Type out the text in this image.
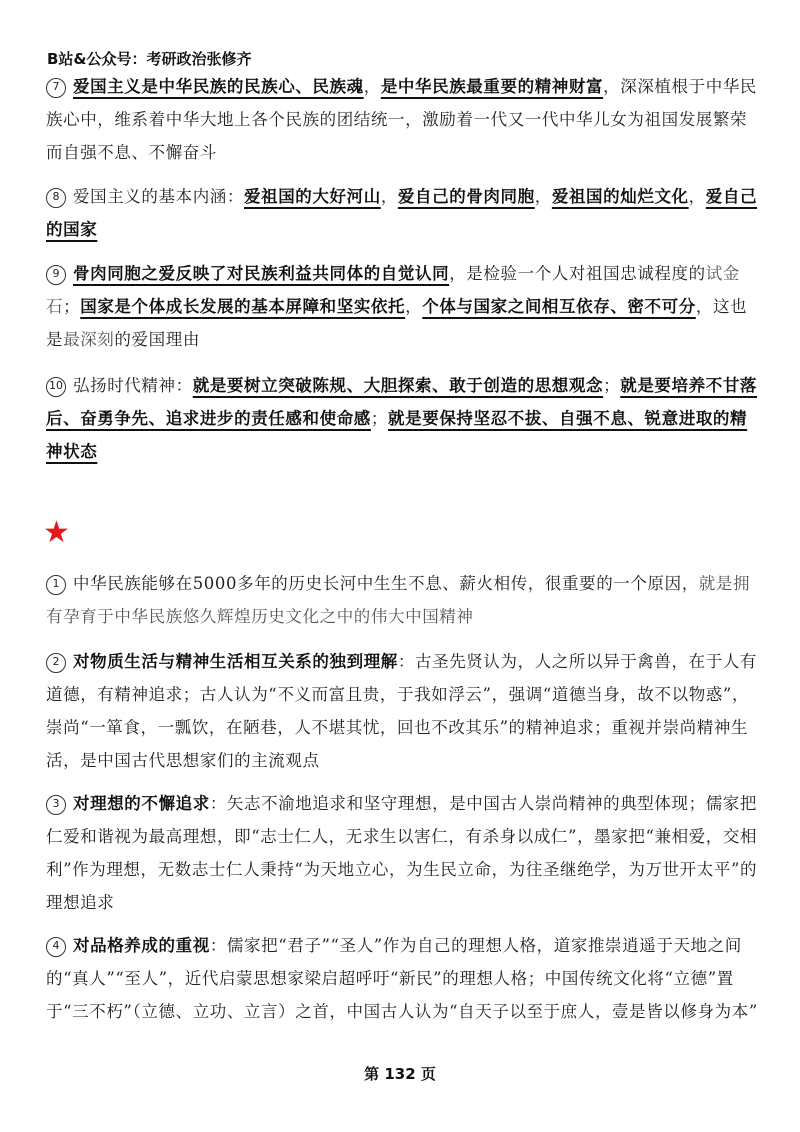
B站&公众号：考研政治张修齐
7 爱国主义是中华民族的民族心、民族魂，是中华民族最重要的精神财富，深深植根于中华民族心中，维系着中华大地上各个民族的团结统一，激励着一代又一代中华儿女为祖国发展繁荣而自强不息、不懈奋斗
8 爱国主义的基本内涵：爱祖国的大好河山，爱自己的骨肉同胞，爱祖国的灿烂文化，爱自己的国家
9 骨肉同胞之爱反映了对民族利益共同体的自觉认同，是检验一个人对祖国忠诚程度的试金石；国家是个体成长发展的基本屏障和坚实依托，个体与国家之间相互依存、密不可分，这也是最深刻的爱国理由
10 弘扬时代精神：就是要树立突破陈规、大胆探索、敢于创造的思想观念；就是要培养不甘落后、奋勇争先、追求进步的责任感和使命感；就是要保持坚忍不拔、自强不息、锐意进取的精神状态
★
1 中华民族能够在5000多年的历史长河中生生不息、薪火相传，很重要的一个原因，就是拥有孕育于中华民族悠久辉煌历史文化之中的伟大中国精神
2 对物质生活与精神生活相互关系的独到理解：古圣先贤认为，人之所以异于禽兽，在于人有道德，有精神追求；古人认为“不义而富且贵，于我如浮云”，强调“道德当身，故不以物惑”，崇尚“一箪食，一瓢饮，在陋巷，人不堪其忧，回也不改其乐”的精神追求；重视并崇尚精神生活，是中国古代思想家们的主流观点
3 对理想的不懈追求：矢志不渝地追求和坚守理想，是中国古人崇尚精神的典型体现；儒家把仁爱和谐视为最高理想，即“志士仁人，无求生以害仁，有杀身以成仁”，墨家把“兼相爱，交相利”作为理想，无数志士仁人秉持“为天地立心，为生民立命，为往圣继绝学，为万世开太平”的理想追求
4 对品格养成的重视：儒家把“君子”“圣人”作为自己的理想人格，道家推崇逍遥于天地之间的“真人”“至人”，近代启蒙思想家梁启超呼吁“新民”的理想人格；中国传统文化将“立德”置于“三不朽”（立德、立功、立言）之首，中国古人认为“自天子以至于庶人，壹是皆以修身为本”
第 132 页
